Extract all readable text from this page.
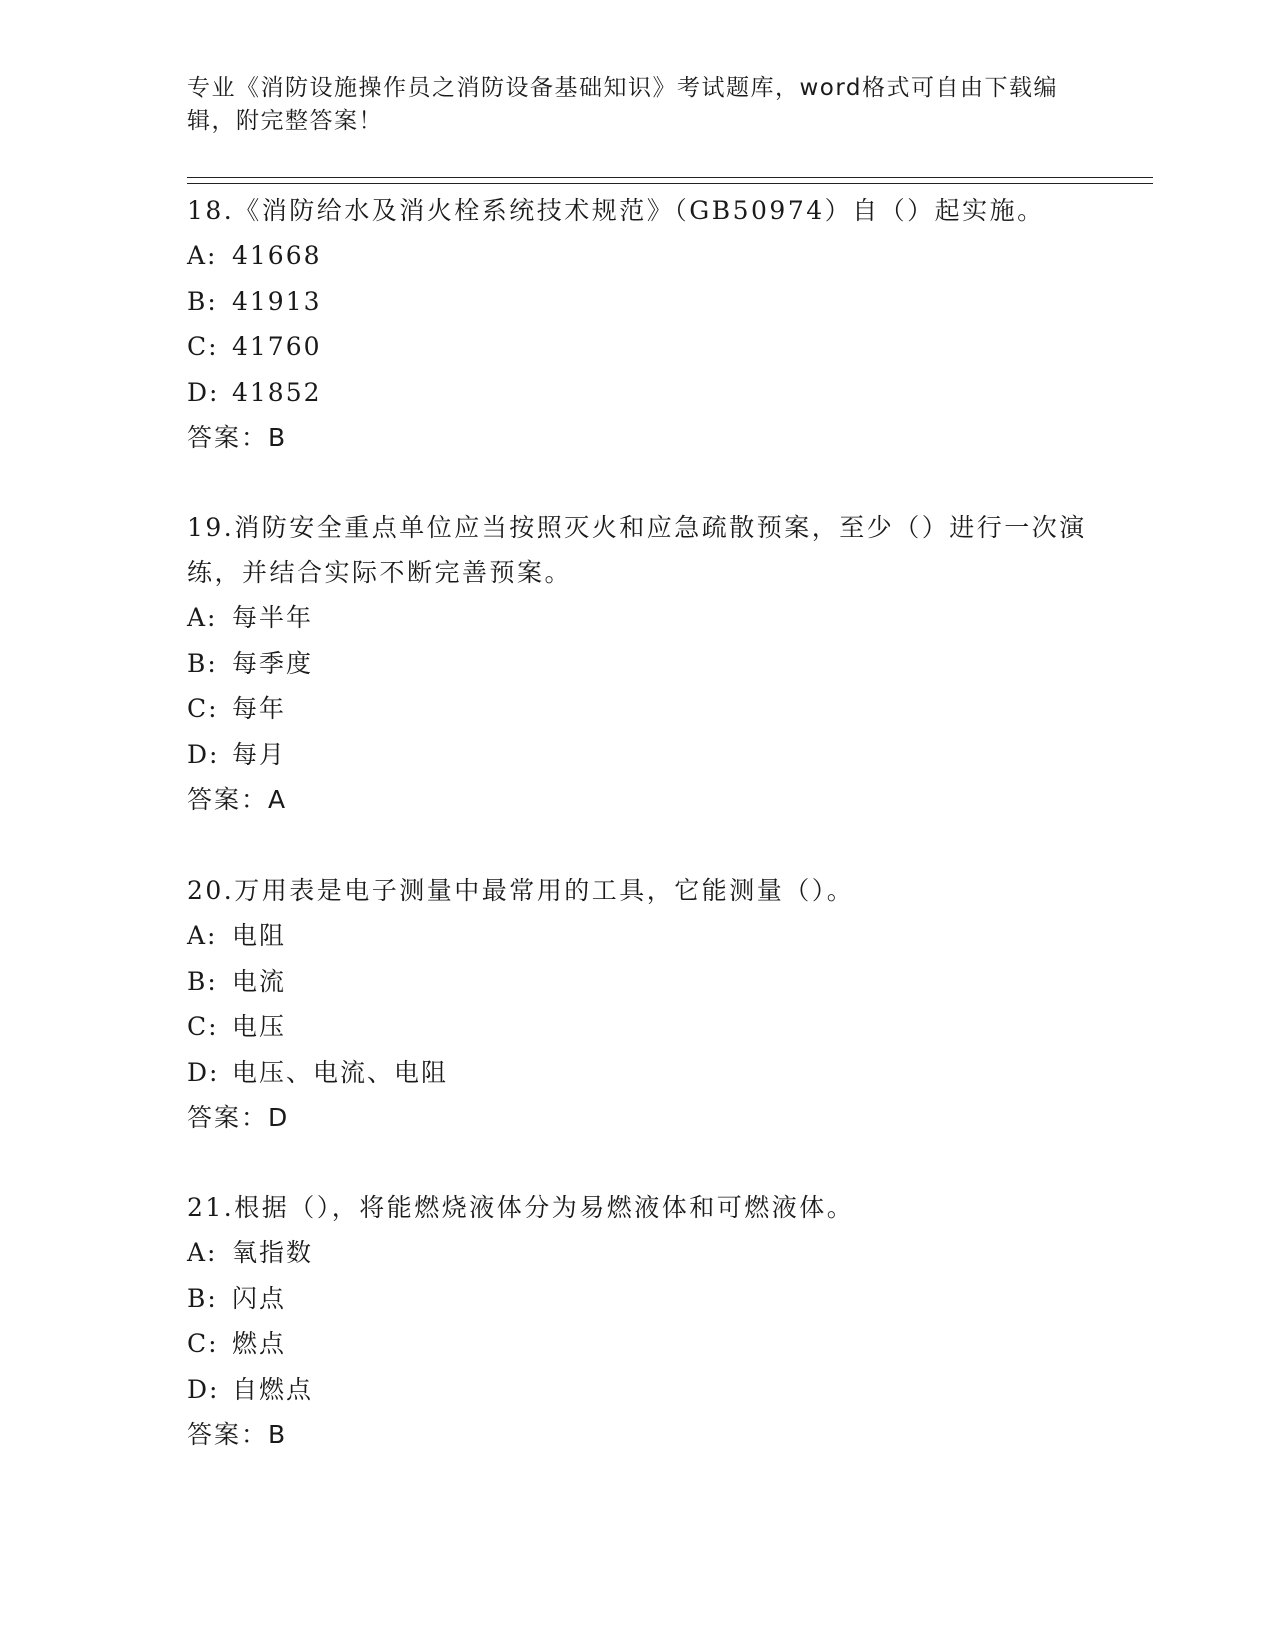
专业《消防设施操作员之消防设备基础知识》考试题库，word格式可自由下载编辑，附完整答案！

18.《消防给水及消火栓系统技术规范》（GB50974）自（）起实施。

A: 41668

B: 41913

C: 41760

D: 41852

答案：B

19.消防安全重点单位应当按照灭火和应急疏散预案，至少（）进行一次演练，并结合实际不断完善预案。

A: 每半年

B: 每季度

C: 每年

D: 每月

答案：A

20.万用表是电子测量中最常用的工具，它能测量（）。

A: 电阻

B: 电流

C: 电压

D: 电压、电流、电阻

答案：D

21.根据（），将能燃烧液体分为易燃液体和可燃液体。

A: 氧指数

B: 闪点

C: 燃点

D: 自燃点

答案：B
